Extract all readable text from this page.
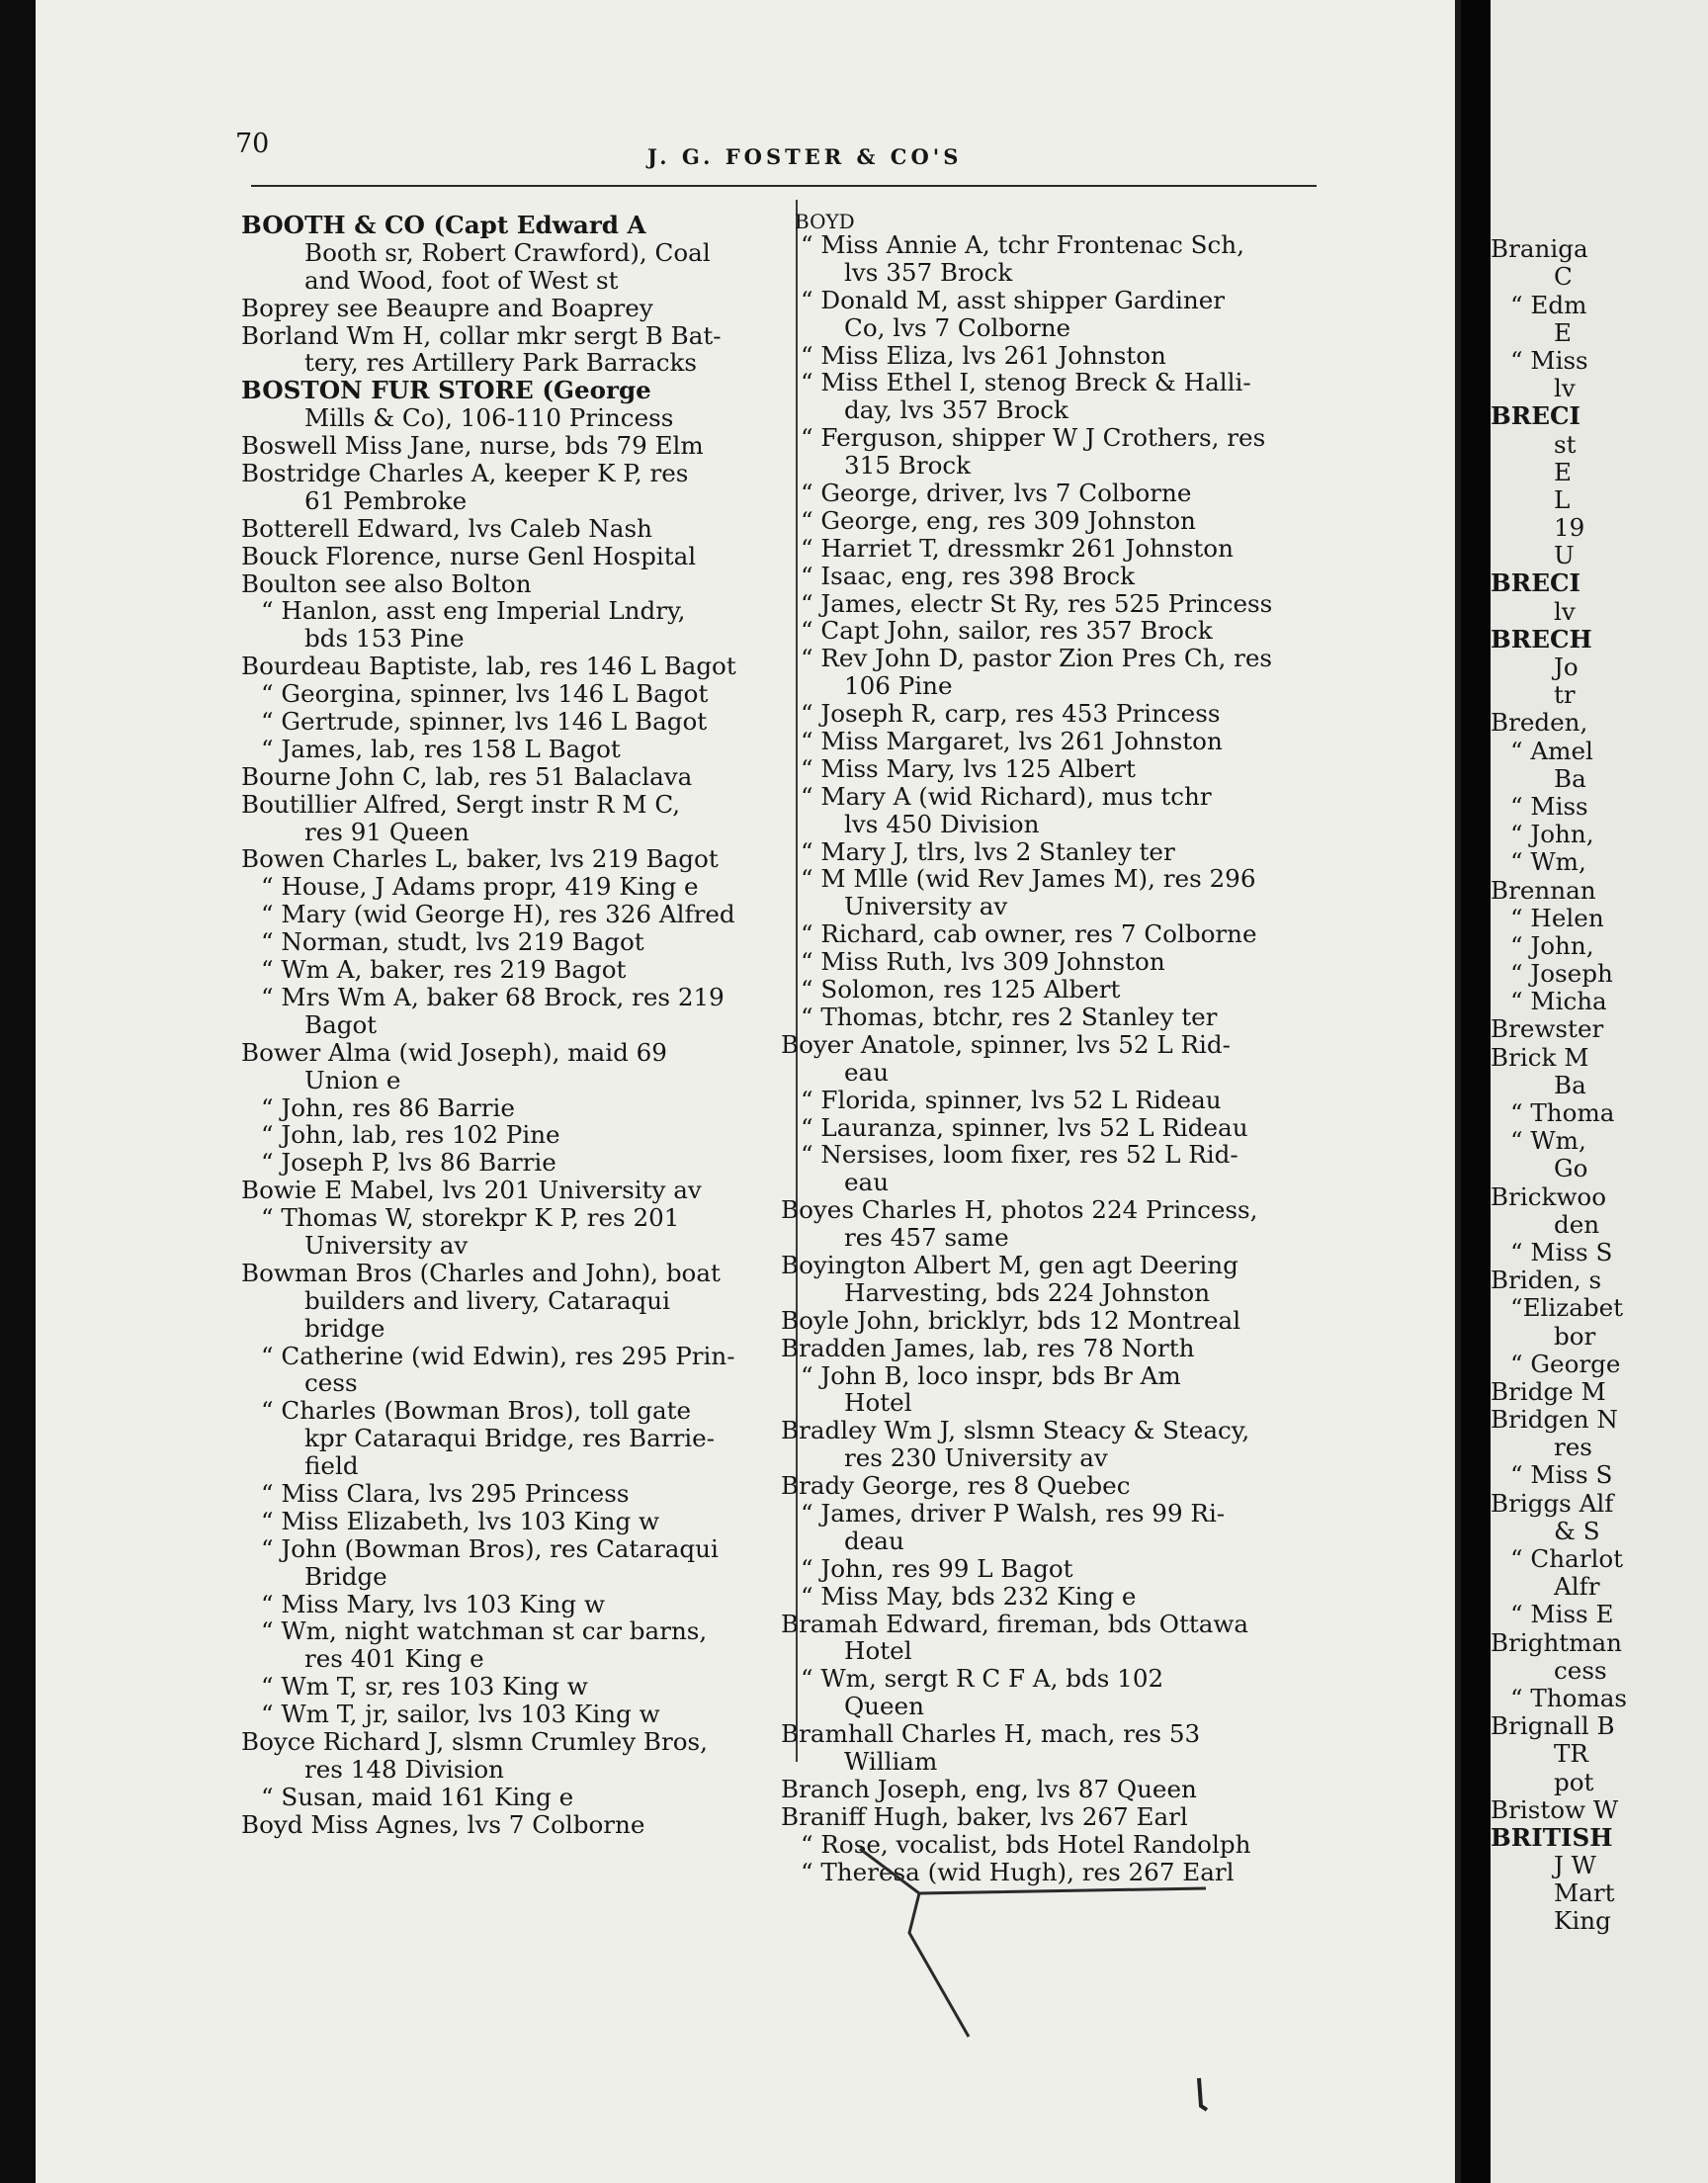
Braniga
C
“ Edm
E
“ Miss
lv
BRECI
st
E
L
19
U
BRECI
lv
BRECH
Jo
tr
Breden,
“ Amel
Ba
“ Miss
“ John,
“ Wm,
Brennan
“ Helen
“ John,
“ Joseph
“ Micha
Brewster
Brick M
Ba
“ Thoma
“ Wm,
Go
Brickwoo
den
“ Miss S
Briden, s
“Elizabet
bor
“ George
Bridge M
Bridgen N
res
“ Miss S
Briggs Alf
& S
“ Charlot
Alfr
“ Miss E
Brightman
cess
“ Thomas
Brignall B
TR
pot
Bristow W
BRITISH
J W
Mart
King
70	J. G. FOSTER & CO'S
BOOTH & CO (Capt Edward A
Booth sr, Robert Crawford), Coal
and Wood, foot of West st
Boprey see Beaupre and Boaprey
Borland Wm H, collar mkr sergt B Bat-
tery, res Artillery Park Barracks
BOSTON FUR STORE (George
Mills & Co), 106-110 Princess
Boswell Miss Jane, nurse, bds 79 Elm
Bostridge Charles A, keeper K P, res
61 Pembroke
Botterell Edward, lvs Caleb Nash
Bouck Florence, nurse Genl Hospital
Boulton see also Bolton
“ Hanlon, asst eng Imperial Lndry,
bds 153 Pine
Bourdeau Baptiste, lab, res 146 L Bagot
“ Georgina, spinner, lvs 146 L Bagot
“ Gertrude, spinner, lvs 146 L Bagot
“ James, lab, res 158 L Bagot
Bourne John C, lab, res 51 Balaclava
Boutillier Alfred, Sergt instr R M C,
res 91 Queen
Bowen Charles L, baker, lvs 219 Bagot
“ House, J Adams propr, 419 King e
“ Mary (wid George H), res 326 Alfred
“ Norman, studt, lvs 219 Bagot
“ Wm A, baker, res 219 Bagot
“ Mrs Wm A, baker 68 Brock, res 219
Bagot
Bower Alma (wid Joseph), maid 69
Union e
“ John, res 86 Barrie
“ John, lab, res 102 Pine
“ Joseph P, lvs 86 Barrie
Bowie E Mabel, lvs 201 University av
“ Thomas W, storekpr K P, res 201
University av
Bowman Bros (Charles and John), boat
builders and livery, Cataraqui
bridge
“ Catherine (wid Edwin), res 295 Prin-
cess
“ Charles (Bowman Bros), toll gate
kpr Cataraqui Bridge, res Barrie-
field
“ Miss Clara, lvs 295 Princess
“ Miss Elizabeth, lvs 103 King w
“ John (Bowman Bros), res Cataraqui
Bridge
“ Miss Mary, lvs 103 King w
“ Wm, night watchman st car barns,
res 401 King e
“ Wm T, sr, res 103 King w
“ Wm T, jr, sailor, lvs 103 King w
Boyce Richard J, slsmn Crumley Bros,
res 148 Division
“ Susan, maid 161 King e
Boyd Miss Agnes, lvs 7 Colborne
BOYD
“ Miss Annie A, tchr Frontenac Sch,
lvs 357 Brock
“ Donald M, asst shipper Gardiner
Co, lvs 7 Colborne
“ Miss Eliza, lvs 261 Johnston
“ Miss Ethel I, stenog Breck & Halli-
day, lvs 357 Brock
“ Ferguson, shipper W J Crothers, res
315 Brock
“ George, driver, lvs 7 Colborne
“ George, eng, res 309 Johnston
“ Harriet T, dressmkr 261 Johnston
“ Isaac, eng, res 398 Brock
“ James, electr St Ry, res 525 Princess
“ Capt John, sailor, res 357 Brock
“ Rev John D, pastor Zion Pres Ch, res
106 Pine
“ Joseph R, carp, res 453 Princess
“ Miss Margaret, lvs 261 Johnston
“ Miss Mary, lvs 125 Albert
“ Mary A (wid Richard), mus tchr
lvs 450 Division
“ Mary J, tlrs, lvs 2 Stanley ter
“ M Mlle (wid Rev James M), res 296
University av
“ Richard, cab owner, res 7 Colborne
“ Miss Ruth, lvs 309 Johnston
“ Solomon, res 125 Albert
“ Thomas, btchr, res 2 Stanley ter
Boyer Anatole, spinner, lvs 52 L Rid-
eau
“ Florida, spinner, lvs 52 L Rideau
“ Lauranza, spinner, lvs 52 L Rideau
“ Nersises, loom fixer, res 52 L Rid-
eau
Boyes Charles H, photos 224 Princess,
res 457 same
Boyington Albert M, gen agt Deering
Harvesting, bds 224 Johnston
Boyle John, bricklyr, bds 12 Montreal
Bradden James, lab, res 78 North
“ John B, loco inspr, bds Br Am
Hotel
Bradley Wm J, slsmn Steacy & Steacy,
res 230 University av
Brady George, res 8 Quebec
“ James, driver P Walsh, res 99 Ri-
deau
“ John, res 99 L Bagot
“ Miss May, bds 232 King e
Bramah Edward, fireman, bds Ottawa
Hotel
“ Wm, sergt R C F A, bds 102
Queen
Bramhall Charles H, mach, res 53
William
Branch Joseph, eng, lvs 87 Queen
Braniff Hugh, baker, lvs 267 Earl
“ Rose, vocalist, bds Hotel Randolph
“ Theresa (wid Hugh), res 267 Earl
